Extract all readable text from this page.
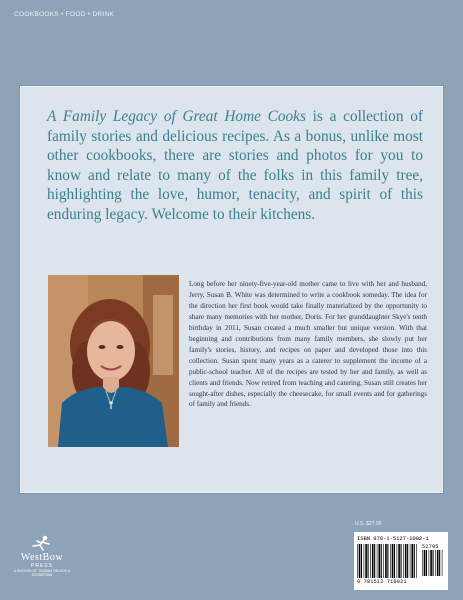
COOKBOOKS • FOOD • DRINK

A Family Legacy of Great Home Cooks is a collection of family stories and delicious recipes. As a bonus, unlike most other cookbooks, there are stories and photos for you to know and relate to many of the folks in this family tree, highlighting the love, humor, tenacity, and spirit of this enduring legacy. Welcome to their kitchens.

Long before her ninety-five-year-old mother came to live with her and husband, Jerry, Susan B. White was determined to write a cookbook someday. The idea for the direction her first book would take finally materialized by the opportunity to share many memories with her mother, Doris. For her granddaughter Skye's tenth birthday in 2011, Susan created a much smaller but unique version. With that beginning and contributions from many family members, she slowly put her family's stories, history, and recipes on paper and developed those into this collection. Susan spent many years as a caterer to supplement the income of a public-school teacher. All of the recipes are tested by her and family, as well as clients and friends. Now retired from teaching and catering, Susan still creates her sought-after dishes, especially the cheesecake, for small events and for gatherings of family and friends.

WestBow
PRESS
A DIVISION OF THOMAS NELSON & ZONDERVAN
U.S. $27.95
ISBN 978-1-5127-1002-1
52795
9 781512 710021
